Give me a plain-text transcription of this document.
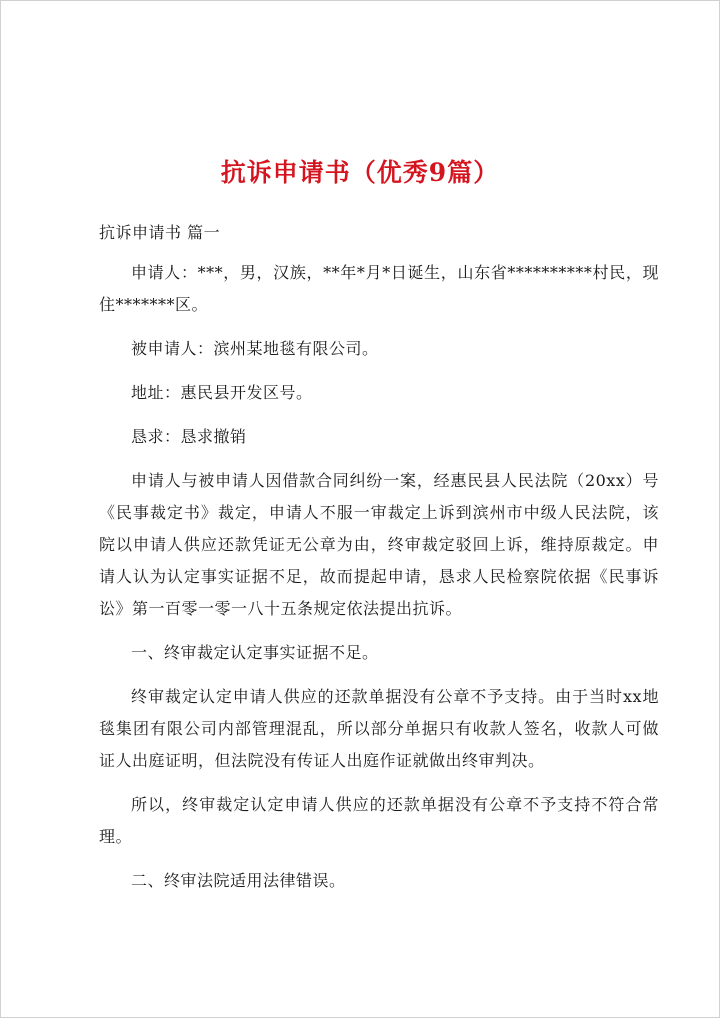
抗诉申请书（优秀9篇）

抗诉申请书 篇一

申请人：***，男，汉族，**年*月*日诞生，山东省**********村民，现住*******区。

被申请人：滨州某地毯有限公司。

地址：惠民县开发区号。

恳求：恳求撤销

申请人与被申请人因借款合同纠纷一案，经惠民县人民法院（20xx）号《民事裁定书》裁定，申请人不服一审裁定上诉到滨州市中级人民法院，该院以申请人供应还款凭证无公章为由，终审裁定驳回上诉，维持原裁定。申请人认为认定事实证据不足，故而提起申请，恳求人民检察院依据《民事诉讼》第一百零一零一八十五条规定依法提出抗诉。

一、终审裁定认定事实证据不足。

终审裁定认定申请人供应的还款单据没有公章不予支持。由于当时xx地毯集团有限公司内部管理混乱，所以部分单据只有收款人签名，收款人可做证人出庭证明，但法院没有传证人出庭作证就做出终审判决。

所以，终审裁定认定申请人供应的还款单据没有公章不予支持不符合常理。

二、终审法院适用法律错误。
